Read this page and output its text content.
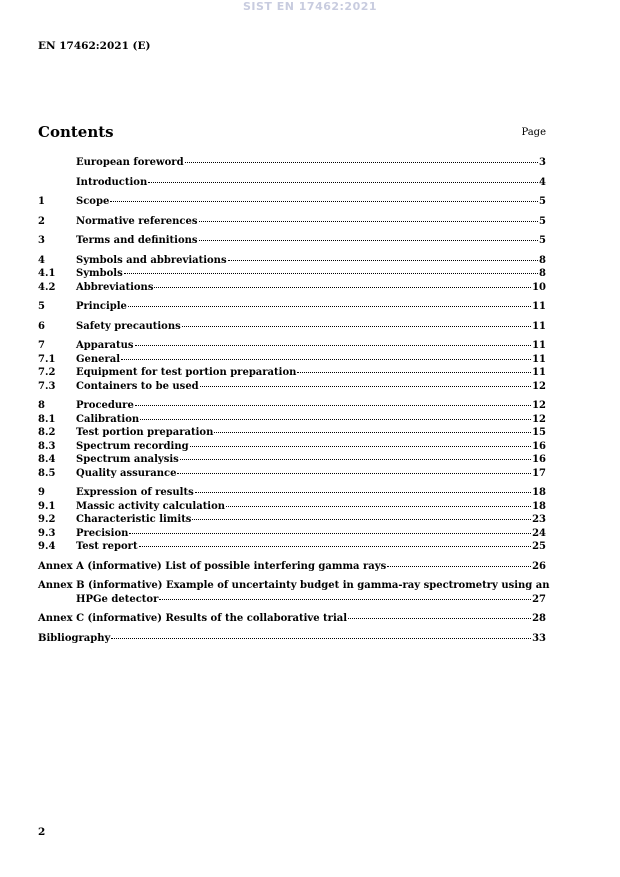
SIST EN 17462:2021
EN 17462:2021 (E)
Contents	Page
European foreword	3
Introduction	4
1	Scope	5
2	Normative references	5
3	Terms and definitions	5
4	Symbols and abbreviations	8
4.1	Symbols	8
4.2	Abbreviations	10
5	Principle	11
6	Safety precautions	11
7	Apparatus	11
7.1	General	11
7.2	Equipment for test portion preparation	11
7.3	Containers to be used	12
8	Procedure	12
8.1	Calibration	12
8.2	Test portion preparation	15
8.3	Spectrum recording	16
8.4	Spectrum analysis	16
8.5	Quality assurance	17
9	Expression of results	18
9.1	Massic activity calculation	18
9.2	Characteristic limits	23
9.3	Precision	24
9.4	Test report	25
Annex A (informative) List of possible interfering gamma rays	26
Annex B (informative) Example of uncertainty budget in gamma-ray spectrometry using an
HPGe detector	27
Annex C (informative) Results of the collaborative trial	28
Bibliography	33
2
